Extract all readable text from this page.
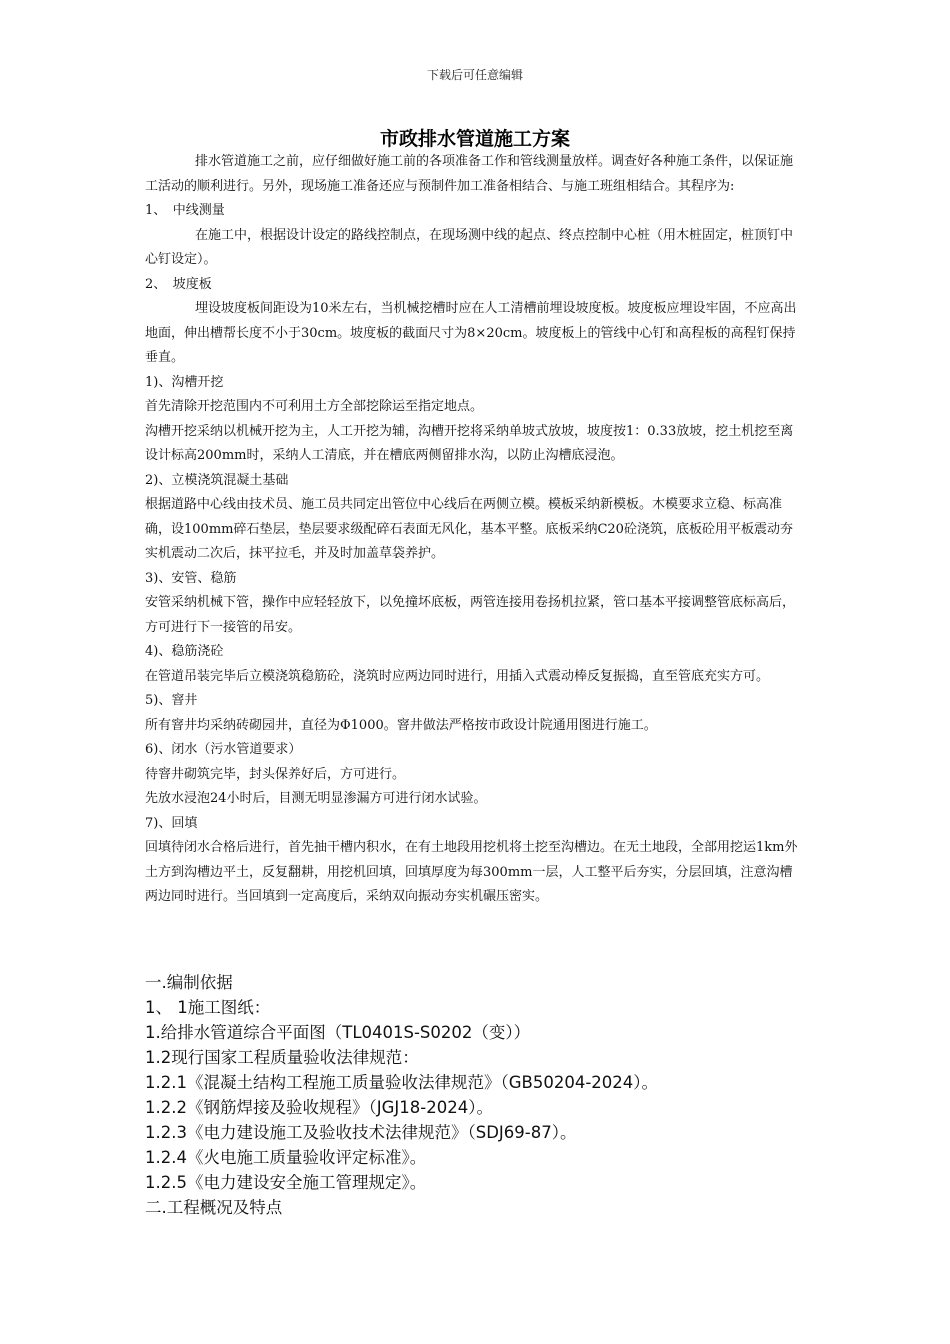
下载后可任意编辑
市政排水管道施工方案

排水管道施工之前，应仔细做好施工前的各项准备工作和管线测量放样。调查好各种施工条件，以保证施工活动的顺利进行。另外，现场施工准备还应与预制件加工准备相结合、与施工班组相结合。其程序为:

1、　中线测量

在施工中，根据设计设定的路线控制点，在现场测中线的起点、终点控制中心桩（用木桩固定，桩顶钉中心钉设定）。

2、　坡度板

埋设坡度板间距设为10米左右，当机械挖槽时应在人工清槽前埋设坡度板。坡度板应埋设牢固，不应高出地面，伸出槽帮长度不小于30cm。坡度板的截面尺寸为8×20cm。坡度板上的管线中心钉和高程板的高程钉保持垂直。

1)、沟槽开挖

首先清除开挖范围内不可利用土方全部挖除运至指定地点。

沟槽开挖采纳以机械开挖为主，人工开挖为辅，沟槽开挖将采纳单坡式放坡，坡度按1：0.33放坡，挖土机挖至离设计标高200mm时，采纳人工清底，并在槽底两侧留排水沟，以防止沟槽底浸泡。

2)、立模浇筑混凝土基础

根据道路中心线由技术员、施工员共同定出管位中心线后在两侧立模。模板采纳新模板。木模要求立稳、标高准确，设100mm碎石垫层，垫层要求级配碎石表面无风化，基本平整。底板采纳C20砼浇筑，底板砼用平板震动夯实机震动二次后，抹平拉毛，并及时加盖草袋养护。

3)、安管、稳筋

安管采纳机械下管，操作中应轻轻放下，以免撞坏底板，两管连接用卷扬机拉紧，管口基本平接调整管底标高后，方可进行下一接管的吊安。

4)、稳筋浇砼

在管道吊装完毕后立模浇筑稳筋砼，浇筑时应两边同时进行，用插入式震动棒反复振捣，直至管底充实方可。

5)、窨井

所有窨井均采纳砖砌园井，直径为Φ1000。窨井做法严格按市政设计院通用图进行施工。

6)、闭水（污水管道要求）

待窨井砌筑完毕，封头保养好后，方可进行。

先放水浸泡24小时后，目测无明显渗漏方可进行闭水试验。

7)、回填

回填待闭水合格后进行，首先抽干槽内积水，在有土地段用挖机将土挖至沟槽边。在无土地段，全部用挖运1km外土方到沟槽边平土，反复翻耕，用挖机回填，回填厚度为每300mm一层，人工整平后夯实，分层回填，注意沟槽两边同时进行。当回填到一定高度后，采纳双向振动夯实机碾压密实。

一.编制依据

1、 1施工图纸：

1.给排水管道综合平面图（TL0401S-S0202（变））

1.2现行国家工程质量验收法律规范：

1.2.1《混凝土结构工程施工质量验收法律规范》（GB50204-2024）。

1.2.2《钢筋焊接及验收规程》（JGJ18-2024）。

1.2.3《电力建设施工及验收技术法律规范》（SDJ69-87）。

1.2.4《火电施工质量验收评定标准》。

1.2.5《电力建设安全施工管理规定》。

二.工程概况及特点
